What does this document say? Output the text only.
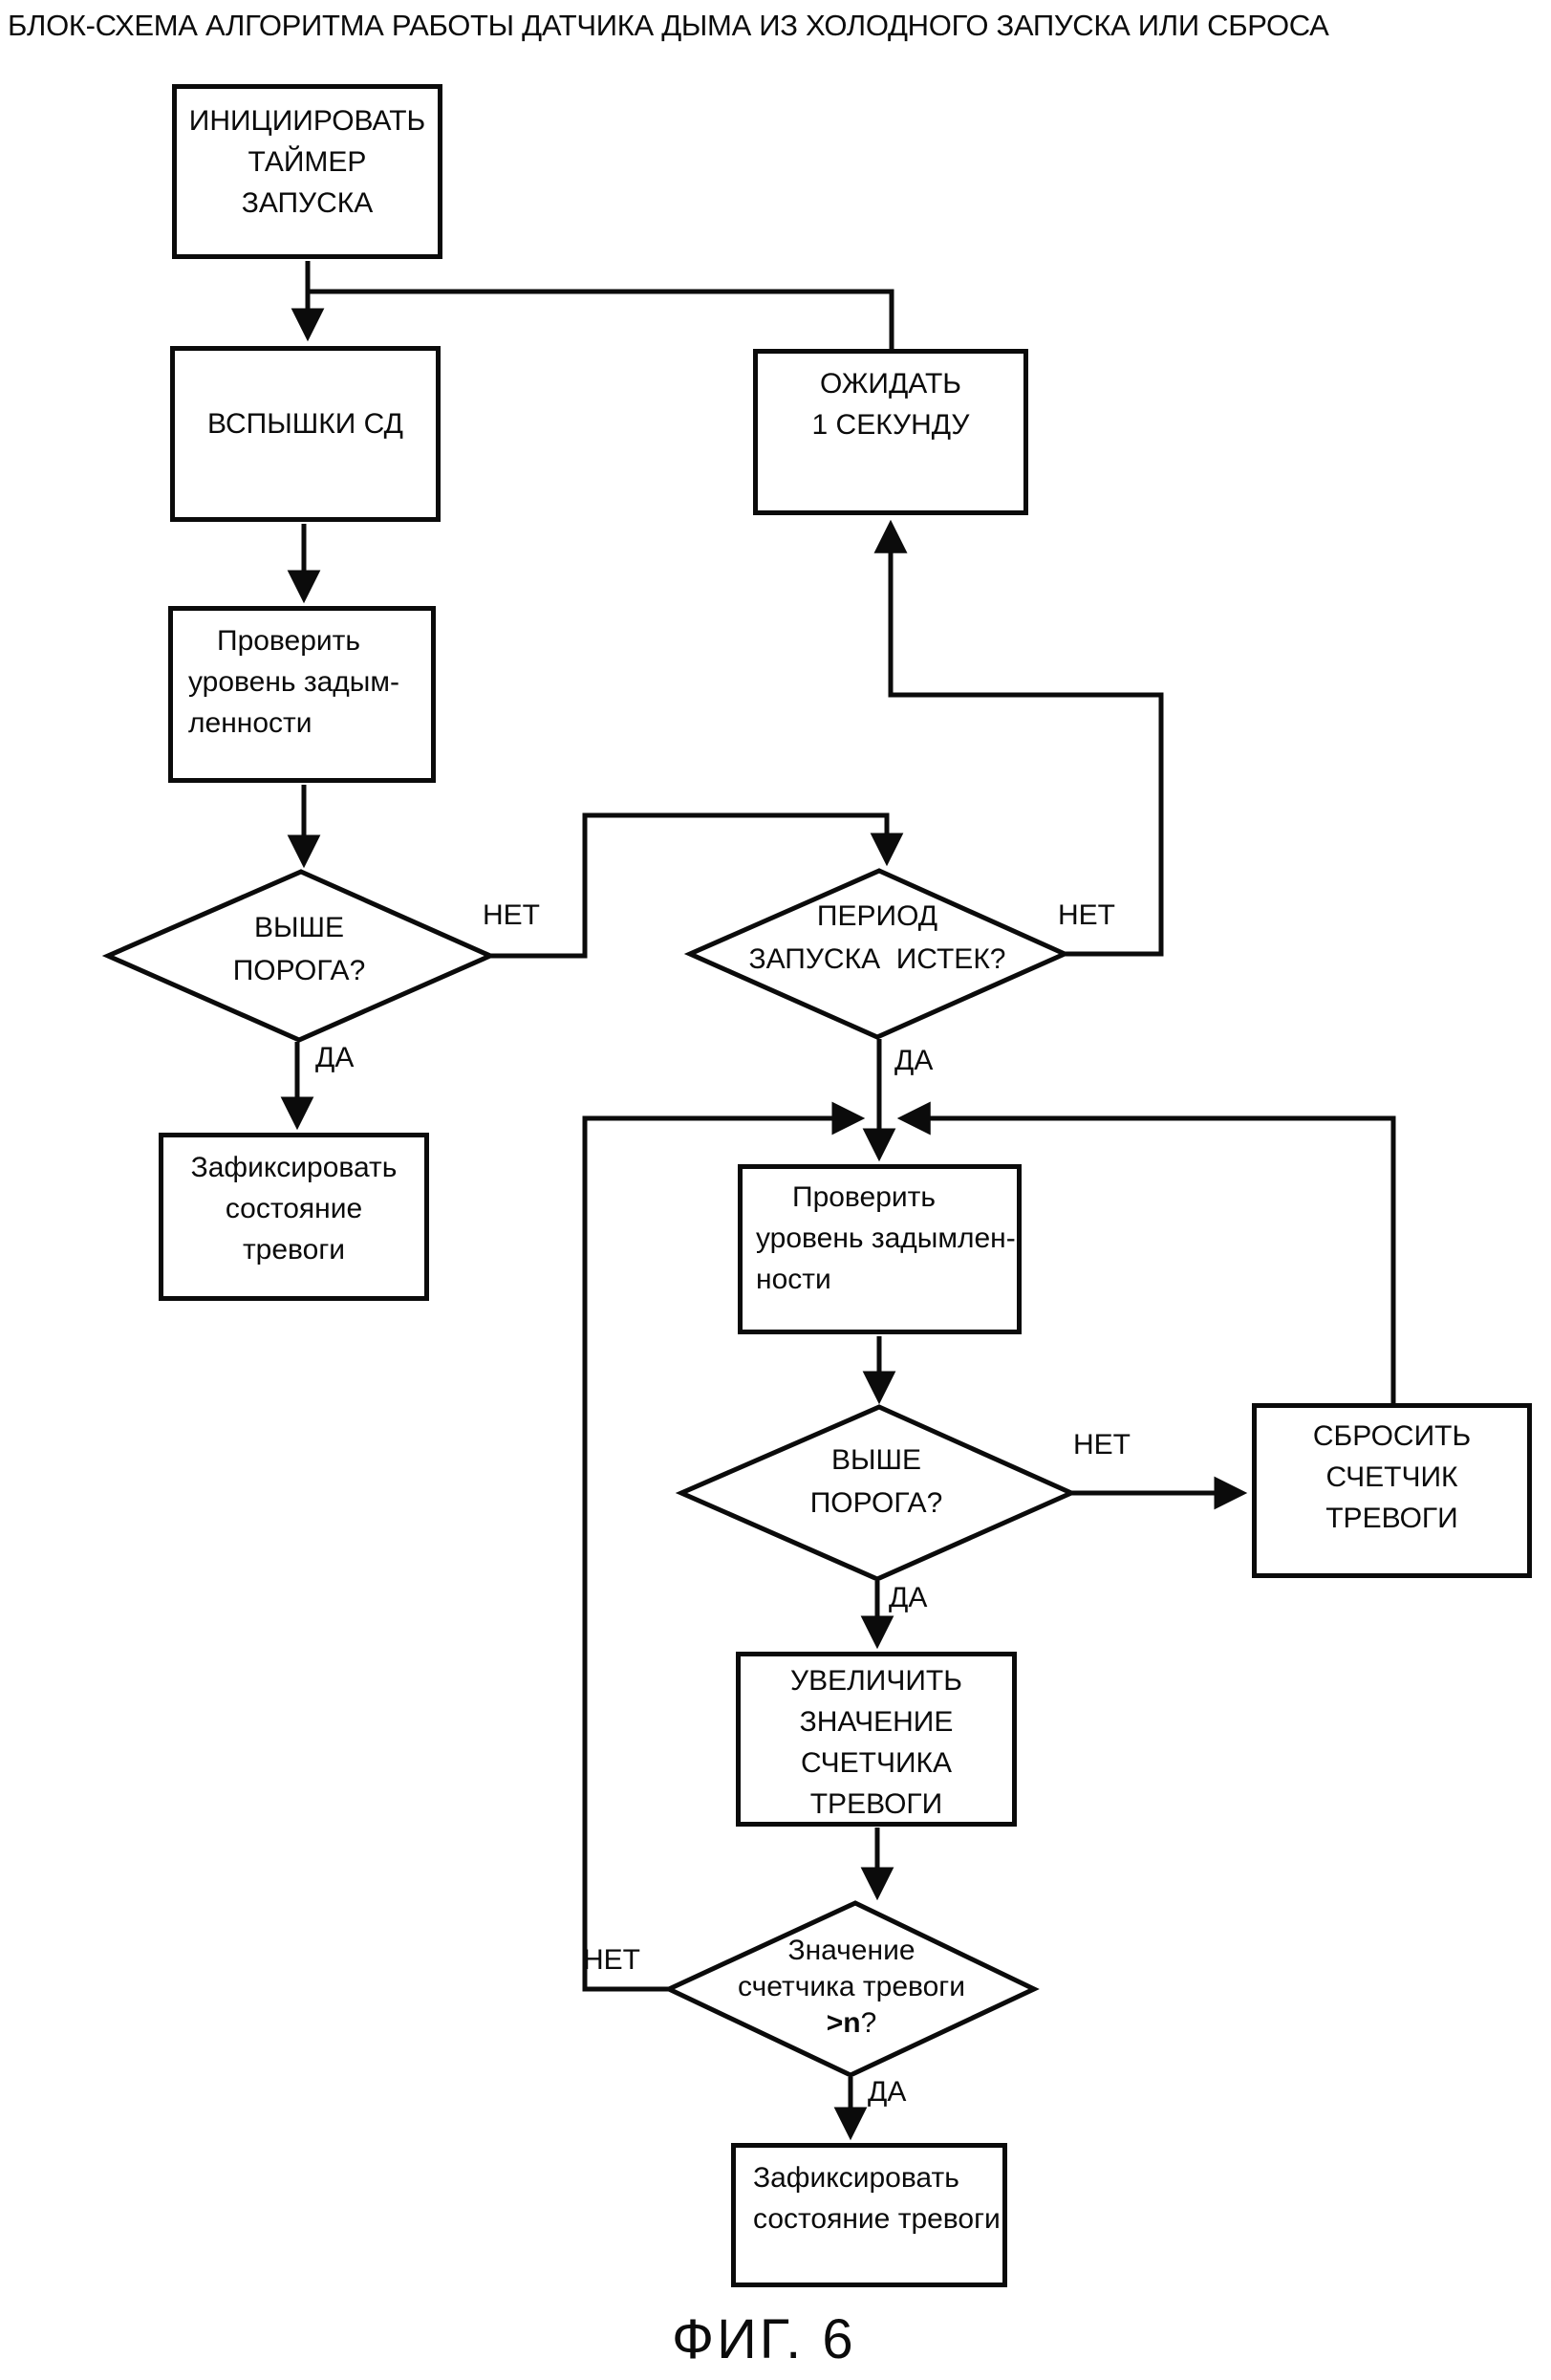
БЛОК-СХЕМА АЛГОРИТМА РАБОТЫ ДАТЧИКА ДЫМА ИЗ ХОЛОДНОГО ЗАПУСКА ИЛИ СБРОСА
ИНИЦИИРОВАТЬ
ТАЙМЕР
ЗАПУСКА
ВСПЫШКИ СД
ОЖИДАТЬ
1 СЕКУНДУ
Проверить
уровень задым-
ленности
Зафиксировать
состояние
тревоги
Проверить
уровень задымлен-
ности
СБРОСИТЬ
СЧЕТЧИК
ТРЕВОГИ
УВЕЛИЧИТЬ
ЗНАЧЕНИЕ
СЧЕТЧИКА
ТРЕВОГИ
Зафиксировать
состояние тревоги
ВЫШЕ
ПОРОГА?
ПЕРИОД
ЗАПУСКА  ИСТЕК?
ВЫШЕ
ПОРОГА?
Значение
счетчика тревоги
>n?
НЕТ	НЕТ
НЕТ
НЕТ
ДА	ДА
ДА
ДА
ФИГ. 6
